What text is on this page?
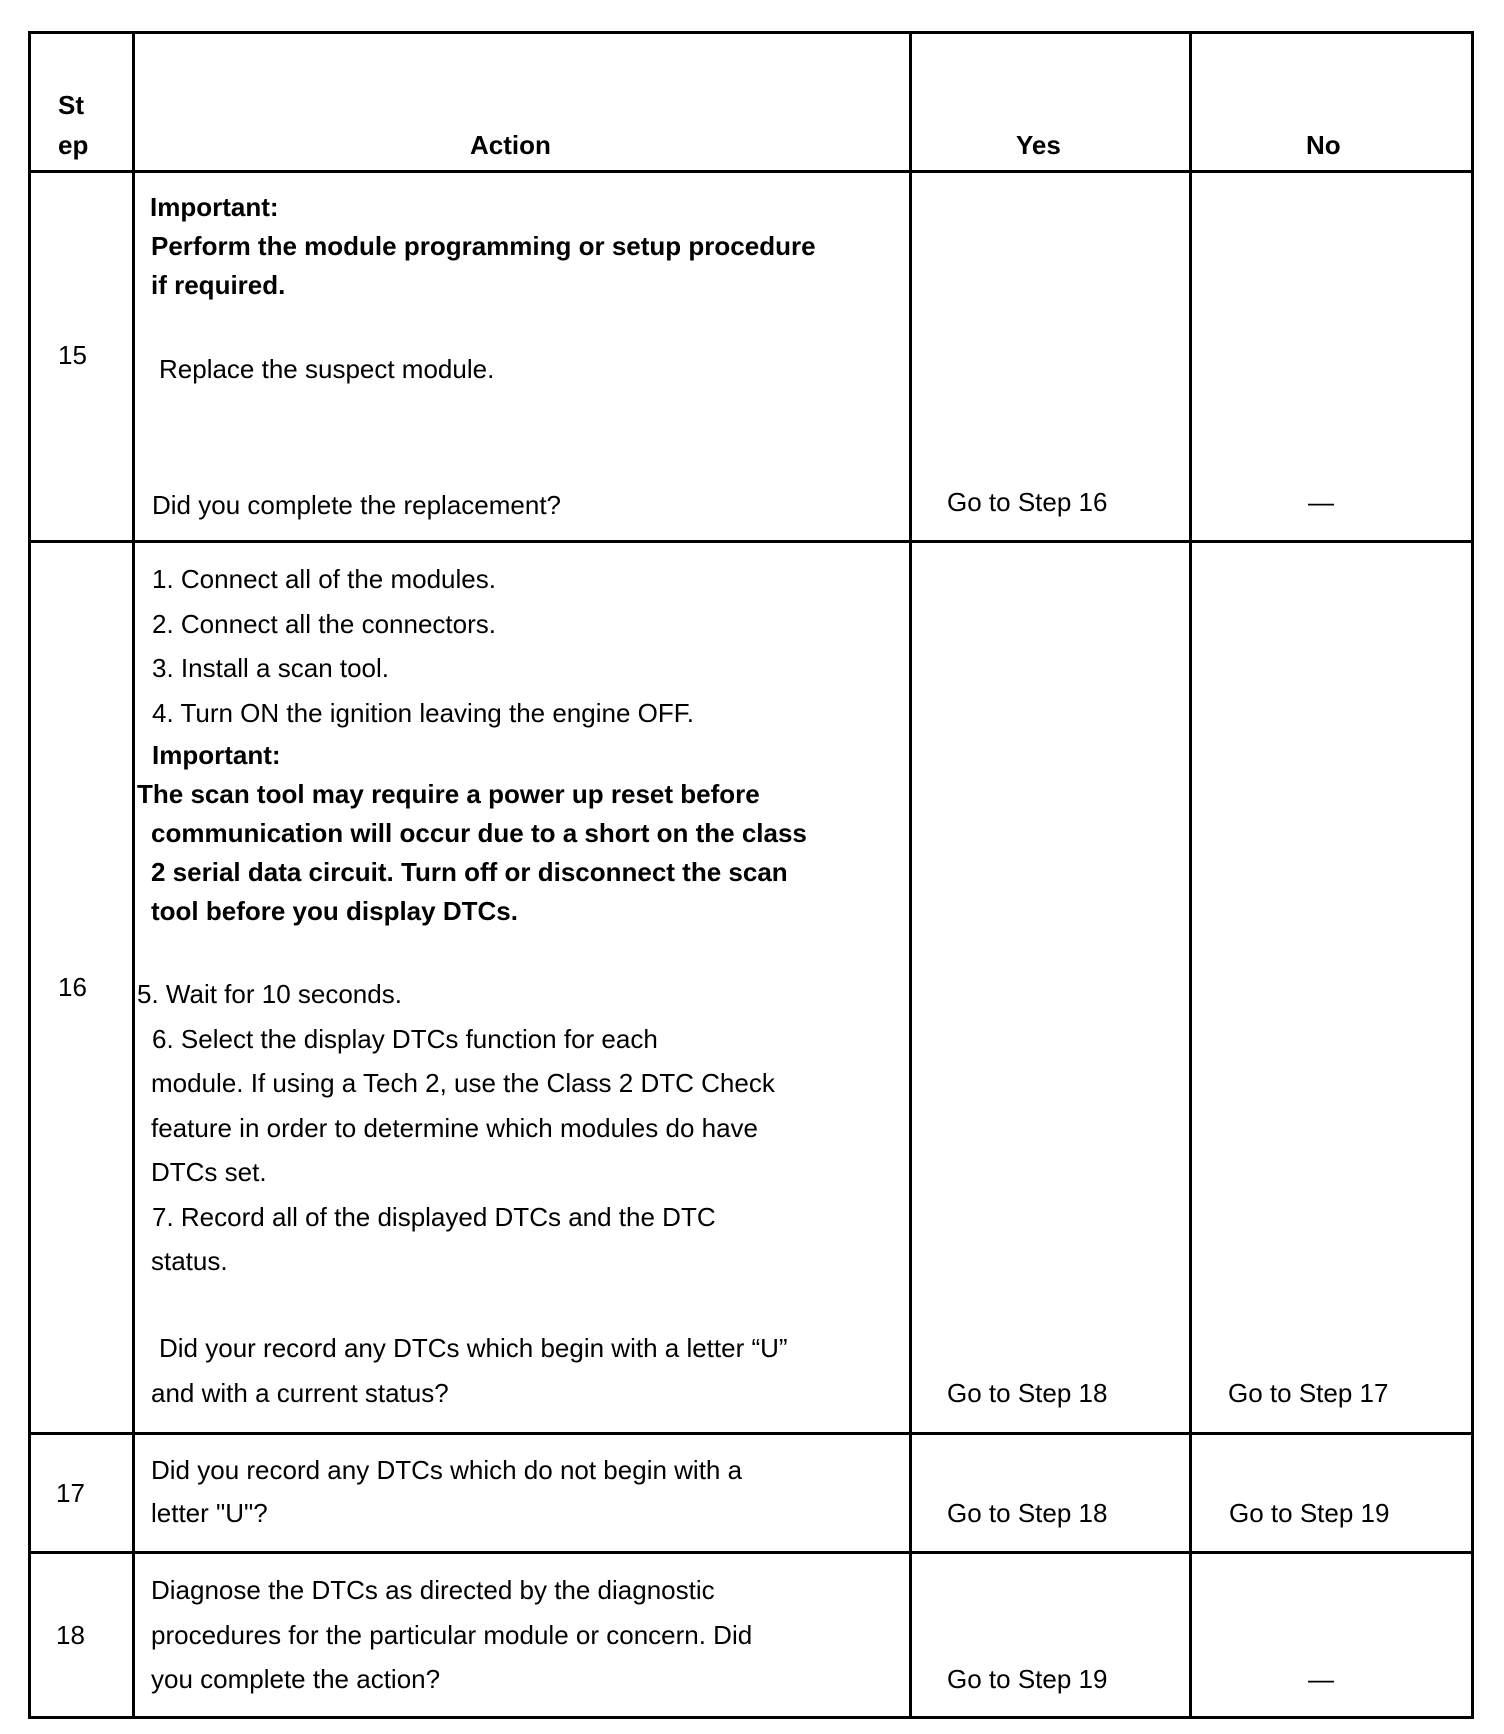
St
ep	Action	Yes	No
15
Important:
Perform the module programming or setup procedure
if required.
Replace the suspect module.
Did you complete the replacement?	Go to Step 16	—
16
1. Connect all of the modules.
2. Connect all the connectors.
3. Install a scan tool.
4. Turn ON the ignition leaving the engine OFF.
Important:
The scan tool may require a power up reset before
communication will occur due to a short on the class
2 serial data circuit. Turn off or disconnect the scan
tool before you display DTCs.
5. Wait for 10 seconds.
6. Select the display DTCs function for each
module. If using a Tech 2, use the Class 2 DTC Check
feature in order to determine which modules do have
DTCs set.
7. Record all of the displayed DTCs and the DTC
status.
Did your record any DTCs which begin with a letter “U”
and with a current status?	Go to Step 18	Go to Step 17
17
Did you record any DTCs which do not begin with a
letter "U"?	Go to Step 18	Go to Step 19
18
Diagnose the DTCs as directed by the diagnostic
procedures for the particular module or concern. Did
you complete the action?	Go to Step 19	—
